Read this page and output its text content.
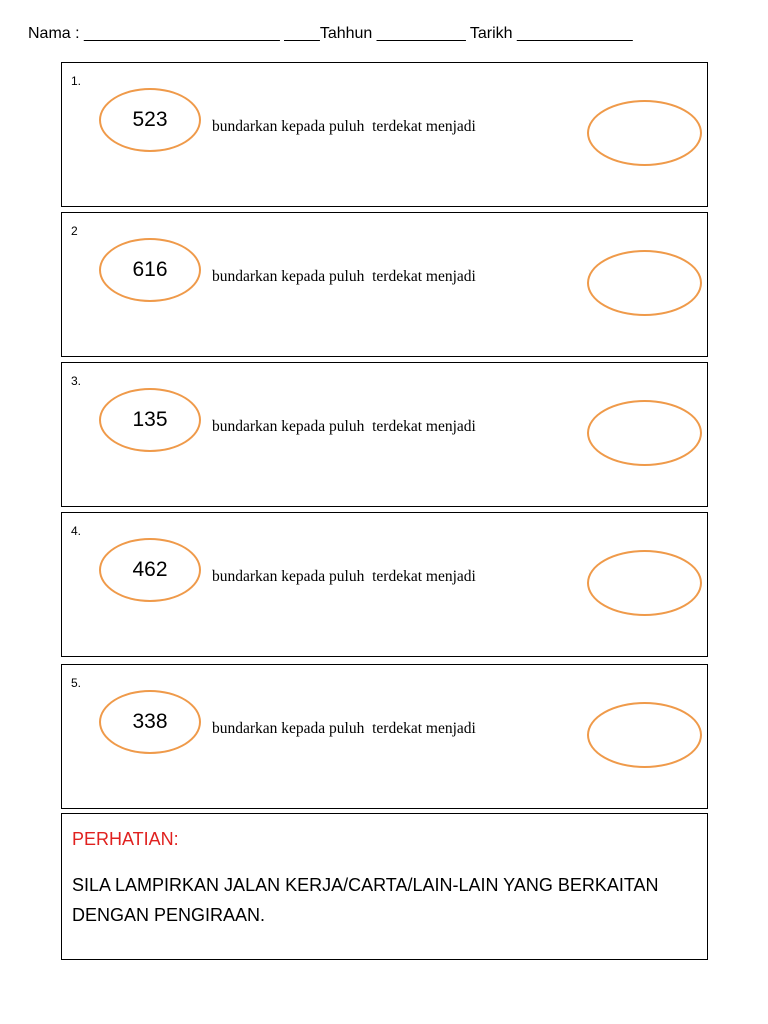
Nama : ______________________ ____Tahhun __________ Tarikh _____________
1.
523	bundarkan kepada puluh  terdekat menjadi
2
616	bundarkan kepada puluh  terdekat menjadi
3.
135	bundarkan kepada puluh  terdekat menjadi
4.
462	bundarkan kepada puluh  terdekat menjadi
5.
338	bundarkan kepada puluh  terdekat menjadi
PERHATIAN:
SILA LAMPIRKAN JALAN KERJA/CARTA/LAIN-LAIN YANG BERKAITAN DENGAN PENGIRAAN.
